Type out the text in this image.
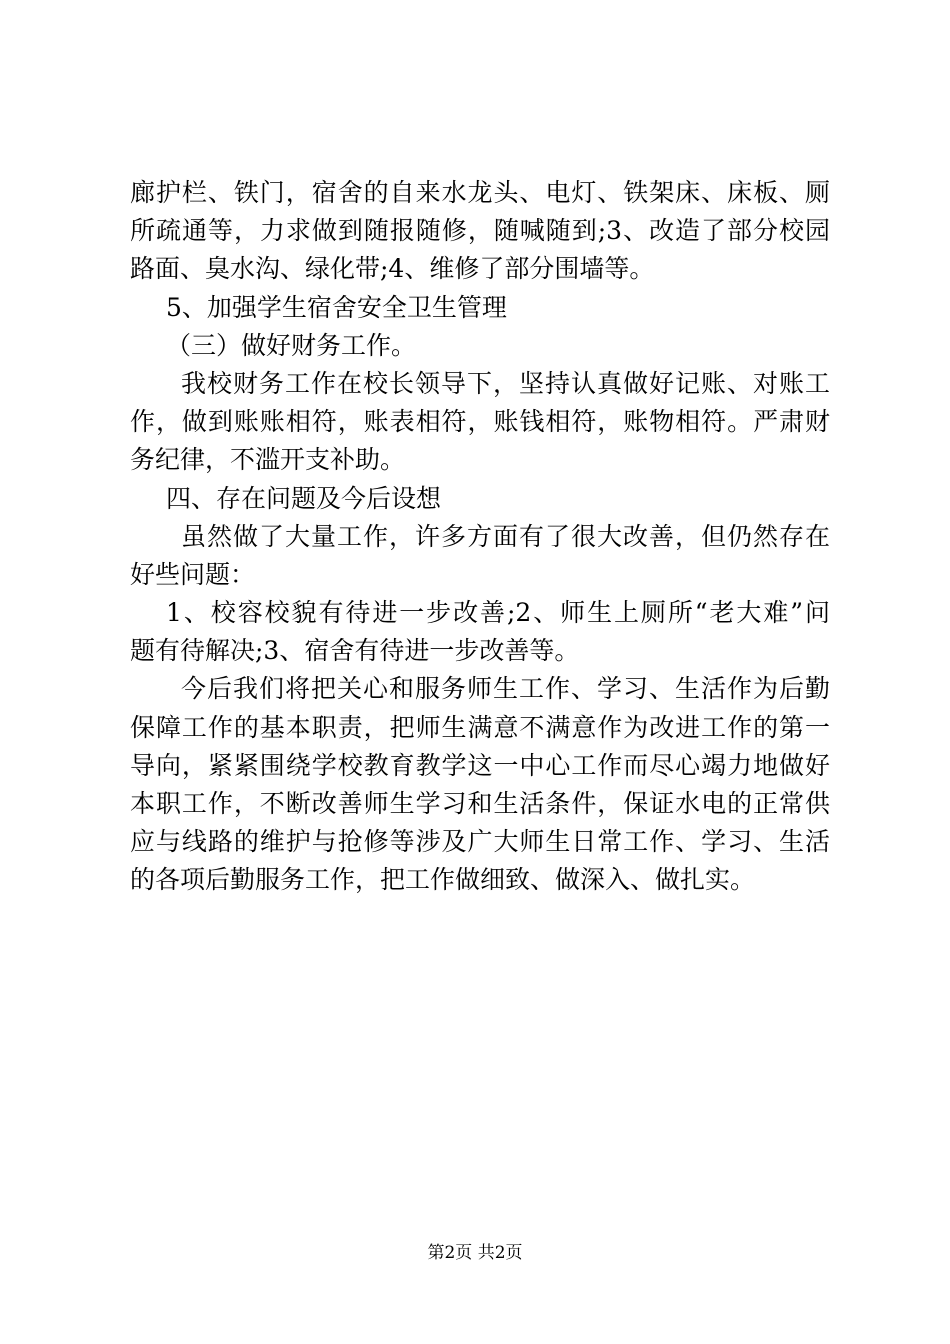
廊护栏、铁门，宿舍的自来水龙头、电灯、铁架床、床板、厕
所疏通等，力求做到随报随修，随喊随到;3、改造了部分校园
路面、臭水沟、绿化带;4、维修了部分围墙等。
5、加强学生宿舍安全卫生管理
（三）做好财务工作。
我校财务工作在校长领导下，坚持认真做好记账、对账工
作，做到账账相符，账表相符，账钱相符，账物相符。严肃财
务纪律，不滥开支补助。
四、存在问题及今后设想
虽然做了大量工作，许多方面有了很大改善，但仍然存在
好些问题：
1、校容校貌有待进一步改善;2、师生上厕所“老大难”问
题有待解决;3、宿舍有待进一步改善等。
今后我们将把关心和服务师生工作、学习、生活作为后勤
保障工作的基本职责，把师生满意不满意作为改进工作的第一
导向，紧紧围绕学校教育教学这一中心工作而尽心竭力地做好
本职工作，不断改善师生学习和生活条件，保证水电的正常供
应与线路的维护与抢修等涉及广大师生日常工作、学习、生活
的各项后勤服务工作，把工作做细致、做深入、做扎实。
第2页 共2页
